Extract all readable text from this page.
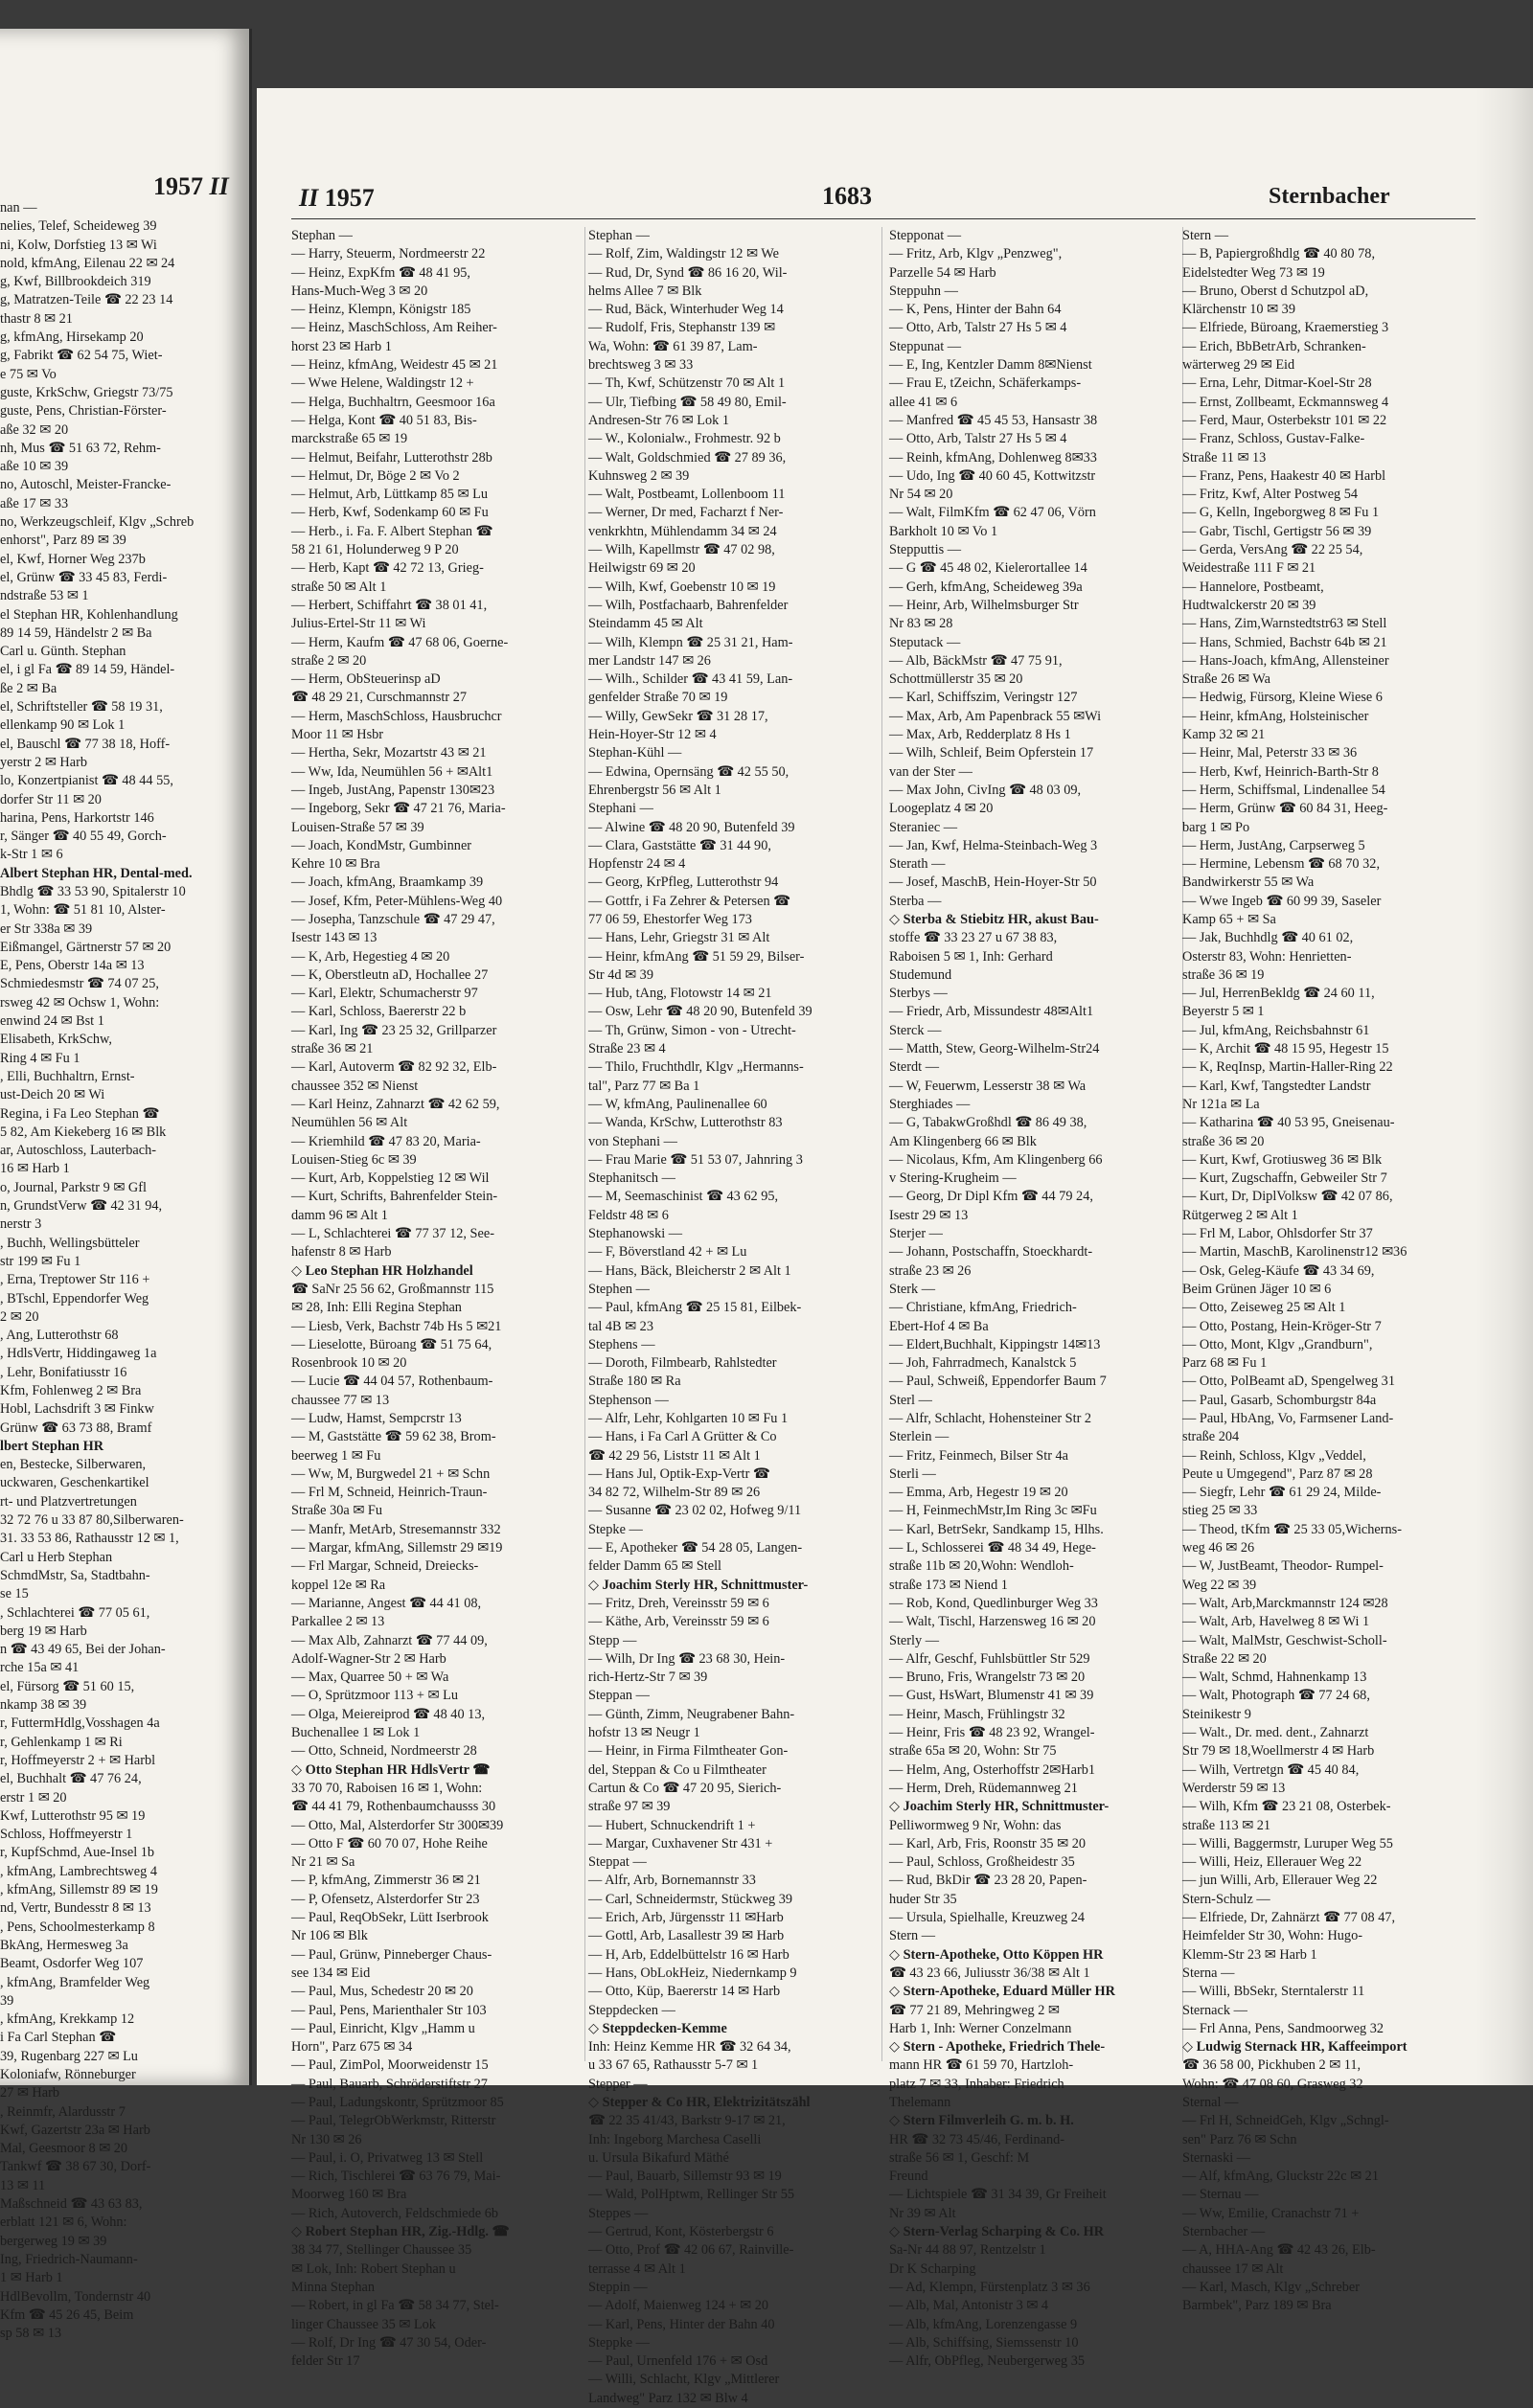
1957 II
nan —
nelies, Telef, Scheideweg 39
ni, Kolw, Dorfstieg 13 ✉ Wi
nold, kfmAng, Eilenau 22 ✉ 24
g, Kwf, Billbrookdeich 319
g, Matratzen-Teile ☎ 22 23 14
thastr 8 ✉ 21
g, kfmAng, Hirsekamp 20
g, Fabrikt ☎ 62 54 75, Wiet-
e 75 ✉ Vo
guste, KrkSchw, Griegstr 73/75
guste, Pens, Christian-Förster-
aße 32 ✉ 20
nh, Mus ☎ 51 63 72, Rehm-
aße 10 ✉ 39
no, Autoschl, Meister-Francke-
aße 17 ✉ 33
no, Werkzeugschleif, Klgv „Schreb
enhorst", Parz 89 ✉ 39
el, Kwf, Horner Weg 237b
el, Grünw ☎ 33 45 83, Ferdi-
ndstraße 53 ✉ 1
el Stephan HR, Kohlenhandlung
89 14 59, Händelstr 2 ✉ Ba
Carl u. Günth. Stephan
el, i gl Fa ☎ 89 14 59, Händel-
ße 2 ✉ Ba
el, Schriftsteller ☎ 58 19 31,
ellenkamp 90 ✉ Lok 1
el, Bauschl ☎ 77 38 18, Hoff-
yerstr 2 ✉ Harb
lo, Konzertpianist ☎ 48 44 55,
dorfer Str 11 ✉ 20
harina, Pens, Harkortstr 146
r, Sänger ☎ 40 55 49, Gorch-
k-Str 1 ✉ 6
Albert Stephan HR, Dental-med.
Bhdlg ☎ 33 53 90, Spitalerstr 10
1, Wohn: ☎ 51 81 10, Alster-
er Str 338a ✉ 39
Eißmangel, Gärtnerstr 57 ✉ 20
E, Pens, Oberstr 14a ✉ 13
Schmiedesmstr ☎ 74 07 25,
rsweg 42 ✉ Ochsw 1, Wohn:
enwind 24 ✉ Bst 1
Elisabeth, KrkSchw,
Ring 4 ✉ Fu 1
, Elli, Buchhaltrn, Ernst-
ust-Deich 20 ✉ Wi
Regina, i Fa Leo Stephan ☎
5 82, Am Kiekeberg 16 ✉ Blk
ar, Autoschloss, Lauterbach-
16 ✉ Harb 1
o, Journal, Parkstr 9 ✉ Gfl
n, GrundstVerw ☎ 42 31 94,
nerstr 3
, Buchh, Wellingsbütteler
str 199 ✉ Fu 1
, Erna, Treptower Str 116 +
, BTschl, Eppendorfer Weg
2 ✉ 20
, Ang, Lutterothstr 68
, HdlsVertr, Hiddingaweg 1a
, Lehr, Bonifatiusstr 16
Kfm, Fohlenweg 2 ✉ Bra
Hobl, Lachsdrift 3 ✉ Finkw
Grünw ☎ 63 73 88, Bramf
lbert Stephan HR
en, Bestecke, Silberwaren,
uckwaren, Geschenkartikel
rt- und Platzvertretungen
32 72 76 u 33 87 80,Silberwaren-
31. 33 53 86, Rathausstr 12 ✉ 1,
Carl u Herb Stephan
SchmdMstr, Sa, Stadtbahn-
se 15
, Schlachterei ☎ 77 05 61,
berg 19 ✉ Harb
n ☎ 43 49 65, Bei der Johan-
rche 15a ✉ 41
el, Fürsorg ☎ 51 60 15,
nkamp 38 ✉ 39
r, FuttermHdlg,Vosshagen 4a
r, Gehlenkamp 1 ✉ Ri
r, Hoffmeyerstr 2 + ✉ Harbl
el, Buchhalt ☎ 47 76 24,
erstr 1 ✉ 20
Kwf, Lutterothstr 95 ✉ 19
Schloss, Hoffmeyerstr 1
r, KupfSchmd, Aue-Insel 1b
, kfmAng, Lambrechtsweg 4
, kfmAng, Sillemstr 89 ✉ 19
nd, Vertr, Bundesstr 8 ✉ 13
, Pens, Schoolmesterkamp 8
BkAng, Hermesweg 3a
Beamt, Osdorfer Weg 107
, kfmAng, Bramfelder Weg
39
, kfmAng, Krekkamp 12
i Fa Carl Stephan ☎
39, Rugenbarg 227 ✉ Lu
Koloniafw, Rönneburger
27 ✉ Harb
, Reinmfr, Alardusstr 7
Kwf, Gazertstr 23a ✉ Harb
Mal, Geesmoor 8 ✉ 20
Tankwf ☎ 38 67 30, Dorf-
13 ✉ 11
Maßschneid ☎ 43 63 83,
erblatt 121 ✉ 6, Wohn:
bergerweg 19 ✉ 39
Ing, Friedrich-Naumann-
1 ✉ Harb 1
HdlBevollm, Tondernstr 40
Kfm ☎ 45 26 45, Beim
sp 58 ✉ 13
II 1957	1683	Sternbacher
Stephan —
— Harry, Steuerm, Nordmeerstr 22
— Heinz, ExpKfm ☎ 48 41 95,
Hans-Much-Weg 3 ✉ 20
— Heinz, Klempn, Königstr 185
— Heinz, MaschSchloss, Am Reiher-
horst 23 ✉ Harb 1
— Heinz, kfmAng, Weidestr 45 ✉ 21
— Wwe Helene, Waldingstr 12 +
— Helga, Buchhaltrn, Geesmoor 16a
— Helga, Kont ☎ 40 51 83, Bis-
marckstraße 65 ✉ 19
— Helmut, Beifahr, Lutterothstr 28b
— Helmut, Dr, Böge 2 ✉ Vo 2
— Helmut, Arb, Lüttkamp 85 ✉ Lu
— Herb, Kwf, Sodenkamp 60 ✉ Fu
— Herb., i. Fa. F. Albert Stephan ☎
58 21 61, Holunderweg 9 P 20
— Herb, Kapt ☎ 42 72 13, Grieg-
straße 50 ✉ Alt 1
— Herbert, Schiffahrt ☎ 38 01 41,
Julius-Ertel-Str 11 ✉ Wi
— Herm, Kaufm ☎ 47 68 06, Goerne-
straße 2 ✉ 20
— Herm, ObSteuerinsp aD
☎ 48 29 21, Curschmannstr 27
— Herm, MaschSchloss, Hausbruchcr
Moor 11 ✉ Hsbr
— Hertha, Sekr, Mozartstr 43 ✉ 21
— Ww, Ida, Neumühlen 56 + ✉Alt1
— Ingeb, JustAng, Papenstr 130✉23
— Ingeborg, Sekr ☎ 47 21 76, Maria-
Louisen-Straße 57 ✉ 39
— Joach, KondMstr, Gumbinner
Kehre 10 ✉ Bra
— Joach, kfmAng, Braamkamp 39
— Josef, Kfm, Peter-Mühlens-Weg 40
— Josepha, Tanzschule ☎ 47 29 47,
Isestr 143 ✉ 13
— K, Arb, Hegestieg 4 ✉ 20
— K, Oberstleutn aD, Hochallee 27
— Karl, Elektr, Schumacherstr 97
— Karl, Schloss, Baererstr 22 b
— Karl, Ing ☎ 23 25 32, Grillparzer
straße 36 ✉ 21
— Karl, Autoverm ☎ 82 92 32, Elb-
chaussee 352 ✉ Nienst
— Karl Heinz, Zahnarzt ☎ 42 62 59,
Neumühlen 56 ✉ Alt
— Kriemhild ☎ 47 83 20, Maria-
Louisen-Stieg 6c ✉ 39
— Kurt, Arb, Koppelstieg 12 ✉ Wil
— Kurt, Schrifts, Bahrenfelder Stein-
damm 96 ✉ Alt 1
— L, Schlachterei ☎ 77 37 12, See-
hafenstr 8 ✉ Harb
◇ Leo Stephan HR Holzhandel
☎ SaNr 25 56 62, Großmannstr 115
✉ 28, Inh: Elli Regina Stephan
— Liesb, Verk, Bachstr 74b Hs 5 ✉21
— Lieselotte, Büroang ☎ 51 75 64,
Rosenbrook 10 ✉ 20
— Lucie ☎ 44 04 57, Rothenbaum-
chaussee 77 ✉ 13
— Ludw, Hamst, Sempcrstr 13
— M, Gaststätte ☎ 59 62 38, Brom-
beerweg 1 ✉ Fu
— Ww, M, Burgwedel 21 + ✉ Schn
— Frl M, Schneid, Heinrich-Traun-
Straße 30a ✉ Fu
— Manfr, MetArb, Stresemannstr 332
— Margar, kfmAng, Sillemstr 29 ✉19
— Frl Margar, Schneid, Dreiecks-
koppel 12e ✉ Ra
— Marianne, Angest ☎ 44 41 08,
Parkallee 2 ✉ 13
— Max Alb, Zahnarzt ☎ 77 44 09,
Adolf-Wagner-Str 2 ✉ Harb
— Max, Quarree 50 + ✉ Wa
— O, Sprützmoor 113 + ✉ Lu
— Olga, Meiereiprod ☎ 48 40 13,
Buchenallee 1 ✉ Lok 1
— Otto, Schneid, Nordmeerstr 28
◇ Otto Stephan HR HdlsVertr ☎
33 70 70, Raboisen 16 ✉ 1, Wohn:
☎ 44 41 79, Rothenbaumchausss 30
— Otto, Mal, Alsterdorfer Str 300✉39
— Otto F ☎ 60 70 07, Hohe Reihe
Nr 21 ✉ Sa
— P, kfmAng, Zimmerstr 36 ✉ 21
— P, Ofensetz, Alsterdorfer Str 23
— Paul, ReqObSekr, Lütt Iserbrook
Nr 106 ✉ Blk
— Paul, Grünw, Pinneberger Chaus-
see 134 ✉ Eid
— Paul, Mus, Schedestr 20 ✉ 20
— Paul, Pens, Marienthaler Str 103
— Paul, Einricht, Klgv „Hamm u
Horn", Parz 675 ✉ 34
— Paul, ZimPol, Moorweidenstr 15
— Paul, Bauarb, Schröderstiftstr 27
— Paul, Ladungskontr, Sprützmoor 85
— Paul, TelegrObWerkmstr, Ritterstr
Nr 130 ✉ 26
— Paul, i. O, Privatweg 13 ✉ Stell
— Rich, Tischlerei ☎ 63 76 79, Mai-
Moorweg 160 ✉ Bra
— Rich, Autoverch, Feldschmiede 6b
◇ Robert Stephan HR, Zig.-Hdlg. ☎
38 34 77, Stellinger Chaussee 35
✉ Lok, Inh: Robert Stephan u
Minna Stephan
— Robert, in gl Fa ☎ 58 34 77, Stel-
linger Chaussee 35 ✉ Lok
— Rolf, Dr Ing ☎ 47 30 54, Oder-
felder Str 17
Stephan —
— Rolf, Zim, Waldingstr 12 ✉ We
— Rud, Dr, Synd ☎ 86 16 20, Wil-
helms Allee 7 ✉ Blk
— Rud, Bäck, Winterhuder Weg 14
— Rudolf, Fris, Stephanstr 139 ✉
Wa, Wohn: ☎ 61 39 87, Lam-
brechtsweg 3 ✉ 33
— Th, Kwf, Schützenstr 70 ✉ Alt 1
— Ulr, Tiefbing ☎ 58 49 80, Emil-
Andresen-Str 76 ✉ Lok 1
— W., Kolonialw., Frohmestr. 92 b
— Walt, Goldschmied ☎ 27 89 36,
Kuhnsweg 2 ✉ 39
— Walt, Postbeamt, Lollenboom 11
— Werner, Dr med, Facharzt f Ner-
venkrkhtn, Mühlendamm 34 ✉ 24
— Wilh, Kapellmstr ☎ 47 02 98,
Heilwigstr 69 ✉ 20
— Wilh, Kwf, Goebenstr 10 ✉ 19
— Wilh, Postfachaarb, Bahrenfelder
Steindamm 45 ✉ Alt
— Wilh, Klempn ☎ 25 31 21, Ham-
mer Landstr 147 ✉ 26
— Wilh., Schilder ☎ 43 41 59, Lan-
genfelder Straße 70 ✉ 19
— Willy, GewSekr ☎ 31 28 17,
Hein-Hoyer-Str 12 ✉ 4
Stephan-Kühl —
— Edwina, Opernsäng ☎ 42 55 50,
Ehrenbergstr 56 ✉ Alt 1
Stephani —
— Alwine ☎ 48 20 90, Butenfeld 39
— Clara, Gaststätte ☎ 31 44 90,
Hopfenstr 24 ✉ 4
— Georg, KrPfleg, Lutterothstr 94
— Gottfr, i Fa Zehrer & Petersen ☎
77 06 59, Ehestorfer Weg 173
— Hans, Lehr, Griegstr 31 ✉ Alt
— Heinr, kfmAng ☎ 51 59 29, Bilser-
Str 4d ✉ 39
— Hub, tAng, Flotowstr 14 ✉ 21
— Osw, Lehr ☎ 48 20 90, Butenfeld 39
— Th, Grünw, Simon - von - Utrecht-
Straße 23 ✉ 4
— Thilo, Fruchthdlr, Klgv „Hermanns-
tal", Parz 77 ✉ Ba 1
— W, kfmAng, Paulinenallee 60
— Wanda, KrSchw, Lutterothstr 83
von Stephani —
— Frau Marie ☎ 51 53 07, Jahnring 3
Stephanitsch —
— M, Seemaschinist ☎ 43 62 95,
Feldstr 48 ✉ 6
Stephanowski —
— F, Böverstland 42 + ✉ Lu
— Hans, Bäck, Bleicherstr 2 ✉ Alt 1
Stephen —
— Paul, kfmAng ☎ 25 15 81, Eilbek-
tal 4B ✉ 23
Stephens —
— Doroth, Filmbearb, Rahlstedter
Straße 180 ✉ Ra
Stephenson —
— Alfr, Lehr, Kohlgarten 10 ✉ Fu 1
— Hans, i Fa Carl A Grütter & Co
☎ 42 29 56, Liststr 11 ✉ Alt 1
— Hans Jul, Optik-Exp-Vertr ☎
34 82 72, Wilhelm-Str 89 ✉ 26
— Susanne ☎ 23 02 02, Hofweg 9/11
Stepke —
— E, Apotheker ☎ 54 28 05, Langen-
felder Damm 65 ✉ Stell
◇ Joachim Sterly HR, Schnittmuster-
— Fritz, Dreh, Vereinsstr 59 ✉ 6
— Käthe, Arb, Vereinsstr 59 ✉ 6
Stepp —
— Wilh, Dr Ing ☎ 23 68 30, Hein-
rich-Hertz-Str 7 ✉ 39
Steppan —
— Günth, Zimm, Neugrabener Bahn-
hofstr 13 ✉ Neugr 1
— Heinr, in Firma Filmtheater Gon-
del, Steppan & Co u Filmtheater
Cartun & Co ☎ 47 20 95, Sierich-
straße 97 ✉ 39
— Hubert, Schnuckendrift 1 +
— Margar, Cuxhavener Str 431 +
Steppat —
— Alfr, Arb, Bornemannstr 33
— Carl, Schneidermstr, Stückweg 39
— Erich, Arb, Jürgensstr 11 ✉Harb
— Gottl, Arb, Lasallestr 39 ✉ Harb
— H, Arb, Eddelbüttelstr 16 ✉ Harb
— Hans, ObLokHeiz, Niedernkamp 9
— Otto, Küp, Baererstr 14 ✉ Harb
Steppdecken —
◇ Steppdecken-Kemme
Inh: Heinz Kemme HR ☎ 32 64 34,
u 33 67 65, Rathausstr 5-7 ✉ 1
Stepper —
◇ Stepper & Co HR, Elektrizitätszähl
☎ 22 35 41/43, Barkstr 9-17 ✉ 21,
Inh: Ingeborg Marchesa Caselli
u. Ursula Bikafurd Mäthé
— Paul, Bauarb, Sillemstr 93 ✉ 19
— Wald, PolHptwm, Rellinger Str 55
Steppes —
— Gertrud, Kont, Kösterbergstr 6
— Otto, Prof ☎ 42 06 67, Rainville-
terrasse 4 ✉ Alt 1
Steppin —
— Adolf, Maienweg 124 + ✉ 20
— Karl, Pens, Hinter der Bahn 40
Steppke —
— Paul, Urnenfeld 176 + ✉ Osd
— Willi, Schlacht, Klgv „Mittlerer
Landweg" Parz 132 ✉ Blw 4
Stepponat —
— Fritz, Arb, Klgv „Penzweg",
Parzelle 54 ✉ Harb
Steppuhn —
— K, Pens, Hinter der Bahn 64
— Otto, Arb, Talstr 27 Hs 5 ✉ 4
Steppunat —
— E, Ing, Kentzler Damm 8✉Nienst
— Frau E, tZeichn, Schäferkamps-
allee 41 ✉ 6
— Manfred ☎ 45 45 53, Hansastr 38
— Otto, Arb, Talstr 27 Hs 5 ✉ 4
— Reinh, kfmAng, Dohlenweg 8✉33
— Udo, Ing ☎ 40 60 45, Kottwitzstr
Nr 54 ✉ 20
— Walt, FilmKfm ☎ 62 47 06, Vörn
Barkholt 10 ✉ Vo 1
Stepputtis —
— G ☎ 45 48 02, Kielerortallee 14
— Gerh, kfmAng, Scheideweg 39a
— Heinr, Arb, Wilhelmsburger Str
Nr 83 ✉ 28
Steputack —
— Alb, BäckMstr ☎ 47 75 91,
Schottmüllerstr 35 ✉ 20
— Karl, Schiffszim, Veringstr 127
— Max, Arb, Am Papenbrack 55 ✉Wi
— Max, Arb, Redderplatz 8 Hs 1
— Wilh, Schleif, Beim Opferstein 17
van der Ster —
— Max John, CivIng ☎ 48 03 09,
Loogeplatz 4 ✉ 20
Steraniec —
— Jan, Kwf, Helma-Steinbach-Weg 3
Sterath —
— Josef, MaschB, Hein-Hoyer-Str 50
Sterba —
◇ Sterba & Stiebitz HR, akust Bau-
stoffe ☎ 33 23 27 u 67 38 83,
Raboisen 5 ✉ 1, Inh: Gerhard
Studemund
Sterbys —
— Friedr, Arb, Missundestr 48✉Alt1
Sterck —
— Matth, Stew, Georg-Wilhelm-Str24
Sterdt —
— W, Feuerwm, Lesserstr 38 ✉ Wa
Sterghiades —
— G, TabakwGroßhdl ☎ 86 49 38,
Am Klingenberg 66 ✉ Blk
— Nicolaus, Kfm, Am Klingenberg 66
v Stering-Krugheim —
— Georg, Dr Dipl Kfm ☎ 44 79 24,
Isestr 29 ✉ 13
Sterjer —
— Johann, Postschaffn, Stoeckhardt-
straße 23 ✉ 26
Sterk —
— Christiane, kfmAng, Friedrich-
Ebert-Hof 4 ✉ Ba
— Eldert,Buchhalt, Kippingstr 14✉13
— Joh, Fahrradmech, Kanalstck 5
— Paul, Schweiß, Eppendorfer Baum 7
Sterl —
— Alfr, Schlacht, Hohensteiner Str 2
Sterlein —
— Fritz, Feinmech, Bilser Str 4a
Sterli —
— Emma, Arb, Hegestr 19 ✉ 20
— H, FeinmechMstr,Im Ring 3c ✉Fu
— Karl, BetrSekr, Sandkamp 15, Hlhs.
— L, Schlosserei ☎ 48 34 49, Hege-
straße 11b ✉ 20,Wohn: Wendloh-
straße 173 ✉ Niend 1
— Rob, Kond, Quedlinburger Weg 33
— Walt, Tischl, Harzensweg 16 ✉ 20
Sterly —
— Alfr, Geschf, Fuhlsbüttler Str 529
— Bruno, Fris, Wrangelstr 73 ✉ 20
— Gust, HsWart, Blumenstr 41 ✉ 39
— Heinr, Masch, Frühlingstr 32
— Heinr, Fris ☎ 48 23 92, Wrangel-
straße 65a ✉ 20, Wohn: Str 75
— Helm, Ang, Osterhoffstr 2✉Harb1
— Herm, Dreh, Rüdemannweg 21
◇ Joachim Sterly HR, Schnittmuster-
Pelliwormweg 9 Nr, Wohn: das
— Karl, Arb, Fris, Roonstr 35 ✉ 20
— Paul, Schloss, Großheidestr 35
— Rud, BkDir ☎ 23 28 20, Papen-
huder Str 35
— Ursula, Spielhalle, Kreuzweg 24
Stern —
◇ Stern-Apotheke, Otto Köppen HR
☎ 43 23 66, Juliusstr 36/38 ✉ Alt 1
◇ Stern-Apotheke, Eduard Müller HR
☎ 77 21 89, Mehringweg 2 ✉
Harb 1, Inh: Werner Conzelmann
◇ Stern - Apotheke, Friedrich Thele-
mann HR ☎ 61 59 70, Hartzloh-
platz 7 ✉ 33, Inhaber: Friedrich
Thelemann
◇ Stern Filmverleih G. m. b. H.
HR ☎ 32 73 45/46, Ferdinand-
straße 56 ✉ 1, Geschf: M
Freund
— Lichtspiele ☎ 31 34 39, Gr Freiheit
Nr 39 ✉ Alt
◇ Stern-Verlag Scharping & Co. HR
Sa-Nr 44 88 97, Rentzelstr 1
Dr K Scharping
— Ad, Klempn, Fürstenplatz 3 ✉ 36
— Alb, Mal, Antonistr 3 ✉ 4
— Alb, kfmAng, Lorenzengasse 9
— Alb, Schiffsing, Siemssenstr 10
— Alfr, ObPfleg, Neubergerweg 35
Stern —
— B, Papiergroßhdlg ☎ 40 80 78,
Eidelstedter Weg 73 ✉ 19
— Bruno, Oberst d Schutzpol aD,
Klärchenstr 10 ✉ 39
— Elfriede, Büroang, Kraemerstieg 3
— Erich, BbBetrArb, Schranken-
wärterweg 29 ✉ Eid
— Erna, Lehr, Ditmar-Koel-Str 28
— Ernst, Zollbeamt, Eckmannsweg 4
— Ferd, Maur, Osterbekstr 101 ✉ 22
— Franz, Schloss, Gustav-Falke-
Straße 11 ✉ 13
— Franz, Pens, Haakestr 40 ✉ Harbl
— Fritz, Kwf, Alter Postweg 54
— G, Kelln, Ingeborgweg 8 ✉ Fu 1
— Gabr, Tischl, Gertigstr 56 ✉ 39
— Gerda, VersAng ☎ 22 25 54,
Weidestraße 111 F ✉ 21
— Hannelore, Postbeamt,
Hudtwalckerstr 20 ✉ 39
— Hans, Zim,Warnstedtstr63 ✉ Stell
— Hans, Schmied, Bachstr 64b ✉ 21
— Hans-Joach, kfmAng, Allensteiner
Straße 26 ✉ Wa
— Hedwig, Fürsorg, Kleine Wiese 6
— Heinr, kfmAng, Holsteinischer
Kamp 32 ✉ 21
— Heinr, Mal, Peterstr 33 ✉ 36
— Herb, Kwf, Heinrich-Barth-Str 8
— Herm, Schiffsmal, Lindenallee 54
— Herm, Grünw ☎ 60 84 31, Heeg-
barg 1 ✉ Po
— Herm, JustAng, Carpserweg 5
— Hermine, Lebensm ☎ 68 70 32,
Bandwirkerstr 55 ✉ Wa
— Wwe Ingeb ☎ 60 99 39, Saseler
Kamp 65 + ✉ Sa
— Jak, Buchhdlg ☎ 40 61 02,
Osterstr 83, Wohn: Henrietten-
straße 36 ✉ 19
— Jul, HerrenBekldg ☎ 24 60 11,
Beyerstr 5 ✉ 1
— Jul, kfmAng, Reichsbahnstr 61
— K, Archit ☎ 48 15 95, Hegestr 15
— K, ReqInsp, Martin-Haller-Ring 22
— Karl, Kwf, Tangstedter Landstr
Nr 121a ✉ La
— Katharina ☎ 40 53 95, Gneisenau-
straße 36 ✉ 20
— Kurt, Kwf, Grotiusweg 36 ✉ Blk
— Kurt, Zugschaffn, Gebweiler Str 7
— Kurt, Dr, DiplVolksw ☎ 42 07 86,
Rütgerweg 2 ✉ Alt 1
— Frl M, Labor, Ohlsdorfer Str 37
— Martin, MaschB, Karolinenstr12 ✉36
— Osk, Geleg-Käufe ☎ 43 34 69,
Beim Grünen Jäger 10 ✉ 6
— Otto, Zeiseweg 25 ✉ Alt 1
— Otto, Postang, Hein-Kröger-Str 7
— Otto, Mont, Klgv „Grandburn",
Parz 68 ✉ Fu 1
— Otto, PolBeamt aD, Spengelweg 31
— Paul, Gasarb, Schomburgstr 84a
— Paul, HbAng, Vo, Farmsener Land-
straße 204
— Reinh, Schloss, Klgv „Veddel,
Peute u Umgegend", Parz 87 ✉ 28
— Siegfr, Lehr ☎ 61 29 24, Milde-
stieg 25 ✉ 33
— Theod, tKfm ☎ 25 33 05,Wicherns-
weg 46 ✉ 26
— W, JustBeamt, Theodor- Rumpel-
Weg 22 ✉ 39
— Walt, Arb,Marckmannstr 124 ✉28
— Walt, Arb, Havelweg 8 ✉ Wi 1
— Walt, MalMstr, Geschwist-Scholl-
Straße 22 ✉ 20
— Walt, Schmd, Hahnenkamp 13
— Walt, Photograph ☎ 77 24 68,
Steinikestr 9
— Walt., Dr. med. dent., Zahnarzt
Str 79 ✉ 18,Woellmerstr 4 ✉ Harb
— Wilh, Vertretgn ☎ 45 40 84,
Werderstr 59 ✉ 13
— Wilh, Kfm ☎ 23 21 08, Osterbek-
straße 113 ✉ 21
— Willi, Baggermstr, Luruper Weg 55
— Willi, Heiz, Ellerauer Weg 22
— jun Willi, Arb, Ellerauer Weg 22
Stern-Schulz —
— Elfriede, Dr, Zahnärzt ☎ 77 08 47,
Heimfelder Str 30, Wohn: Hugo-
Klemm-Str 23 ✉ Harb 1
Sterna —
— Willi, BbSekr, Sterntalerstr 11
Sternack —
— Frl Anna, Pens, Sandmoorweg 32
◇ Ludwig Sternack HR, Kaffeeimport
☎ 36 58 00, Pickhuben 2 ✉ 11,
Wohn: ☎ 47 08 60, Grasweg 32
Sternal —
— Frl H, SchneidGeh, Klgv „Schngl-
sen" Parz 76 ✉ Schn
Sternaski —
— Alf, kfmAng, Gluckstr 22c ✉ 21
— Sternau —
— Ww, Emilie, Cranachstr 71 +
Sternbacher —
— A, HHA-Ang ☎ 42 43 26, Elb-
chaussee 17 ✉ Alt
— Karl, Masch, Klgv „Schreber
Barmbek", Parz 189 ✉ Bra
